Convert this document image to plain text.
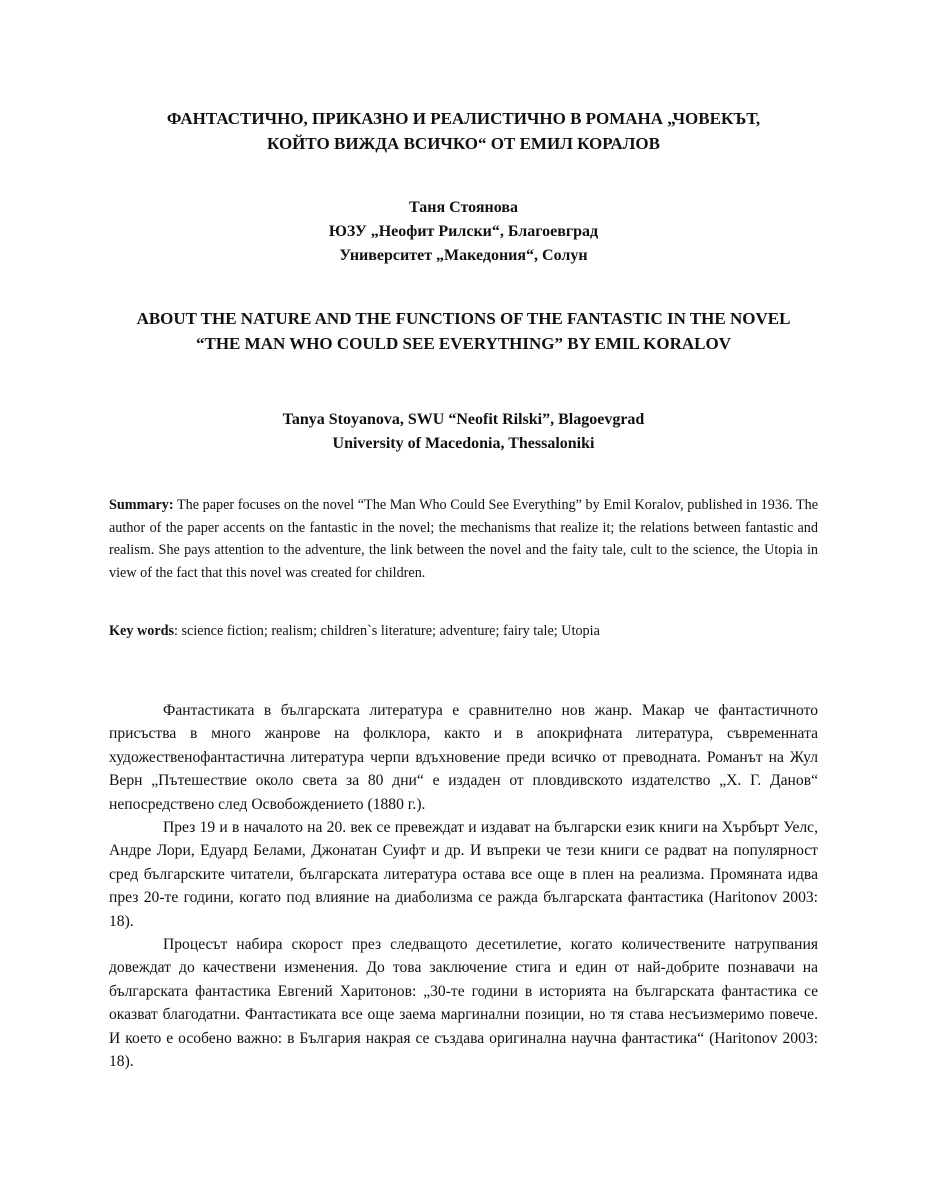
ФАНТАСТИЧНО, ПРИКАЗНО И РЕАЛИСТИЧНО В РОМАНА „ЧОВЕКЪТ,
КОЙТО ВИЖДА ВСИЧКО“ ОТ ЕМИЛ КОРАЛОВ
Таня Стоянова
ЮЗУ „Неофит Рилски“, Благоевград
Университет „Македония“, Солун
ABOUT THE NATURE AND THE FUNCTIONS OF THE FANTASTIC IN THE NOVEL
“THE MAN WHO COULD SEE EVERYTHING” BY EMIL KORALOV
Tanya Stoyanova, SWU “Neofit Rilski”, Blagoevgrad
University of Macedonia, Thessaloniki
Summary: The paper focuses on the novel “The Man Who Could See Everything” by Emil Koralov, published in 1936. The author of the paper accents on the fantastic in the novel; the mechanisms that realize it; the relations between fantastic and realism. She pays attention to the adventure, the link between the novel and the faity tale, cult to the science, the Utopia in view of the fact that this novel was created for children.
Key words: science fiction; realism; children`s literature; adventure; fairy tale; Utopia

Фантастиката в българската литература е сравнително нов жанр. Макар че фантастичното присъства в много жанрове на фолклора, както и в апокрифната литература, съвременната художественофантастична литература черпи вдъхновение преди всичко от преводната. Романът на Жул Верн „Пътешествие около света за 80 дни“ е издаден от пловдивското издателство „Х. Г. Данов“ непосредствено след Освобождението (1880 г.).

През 19 и в началото на 20. век се превеждат и издават на български език книги на Хърбърт Уелс, Андре Лори, Едуард Белами, Джонатан Суифт и др. И въпреки че тези книги се радват на популярност сред българските читатели, българската литература остава все още в плен на реализма. Промяната идва през 20-те години, когато под влияние на диаболизма се ражда българската фантастика (Haritonov 2003: 18).

Процесът набира скорост през следващото десетилетие, когато количествените натрупвания довеждат до качествени изменения. До това заключение стига и един от най-добрите познавачи на българската фантастика Евгений Харитонов: „30-те години в историята на българската фантастика се оказват благодатни. Фантастиката все още заема маргинални позиции, но тя става несъизмеримо повече. И което е особено важно: в България накрая се създава оригинална научна фантастика“ (Haritonov 2003: 18).
